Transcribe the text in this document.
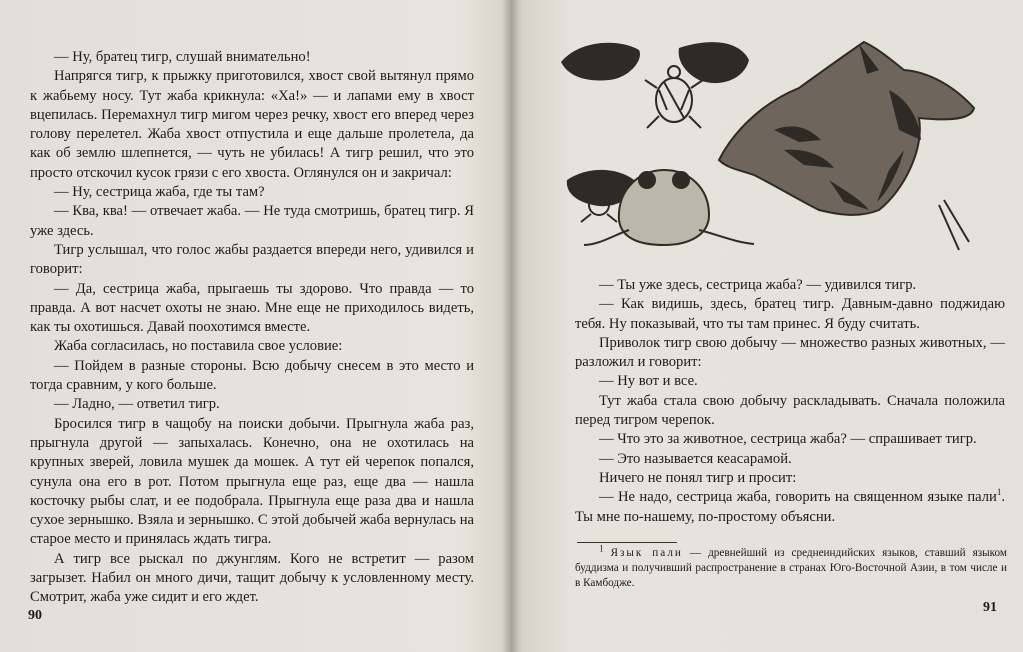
— Ну, братец тигр, слушай внимательно!

Напрягся тигр, к прыжку приготовился, хвост свой вытянул прямо к жабьему носу. Тут жаба крикнула: «Ха!» — и лапами ему в хвост вцепилась. Перемахнул тигр мигом через речку, хвост его вперед через голову перелетел. Жаба хвост отпустила и еще дальше пролетела, да как об землю шлепнется, — чуть не убилась! А тигр решил, что это просто отскочил кусок грязи с его хвоста. Оглянулся он и закричал:

— Ну, сестрица жаба, где ты там?

— Ква, ква! — отвечает жаба. — Не туда смотришь, братец тигр. Я уже здесь.

Тигр услышал, что голос жабы раздается впереди него, удивился и говорит:

— Да, сестрица жаба, прыгаешь ты здорово. Что правда — то правда. А вот насчет охоты не знаю. Мне еще не приходилось видеть, как ты охотишься. Давай поохотимся вместе.

Жаба согласилась, но поставила свое условие:

— Пойдем в разные стороны. Всю добычу снесем в это место и тогда сравним, у кого больше.

— Ладно, — ответил тигр.

Бросился тигр в чащобу на поиски добычи. Прыгнула жаба раз, прыгнула другой — запыхалась. Конечно, она не охотилась на крупных зверей, ловила мушек да мошек. А тут ей черепок попался, сунула она его в рот. Потом прыгнула еще раз, еще два — нашла косточку рыбы слат, и ее подобрала. Прыгнула еще раза два и нашла сухое зернышко. Взяла и зернышко. С этой добычей жаба вернулась на старое место и принялась ждать тигра.

А тигр все рыскал по джунглям. Кого не встретит — разом загрызет. Набил он много дичи, тащит добычу к условленному месту. Смотрит, жаба уже сидит и его ждет.

90

— Ты уже здесь, сестрица жаба? — удивился тигр.

— Как видишь, здесь, братец тигр. Давным-давно поджидаю тебя. Ну показывай, что ты там принес. Я буду считать.

Приволок тигр свою добычу — множество разных животных, — разложил и говорит:

— Ну вот и все.

Тут жаба стала свою добычу раскладывать. Сначала положила перед тигром черепок.

— Что это за животное, сестрица жаба? — спрашивает тигр.

— Это называется кеасарамой.

Ничего не понял тигр и просит:

— Не надо, сестрица жаба, говорить на священном языке пали$^1$. Ты мне по-нашему, по-простому объясни.

$^1$ Язык пали — древнейший из среднеиндийских языков, ставший языком буддизма и получивший распространение в странах Юго-Восточной Азии, в том числе и в Камбодже.

91
